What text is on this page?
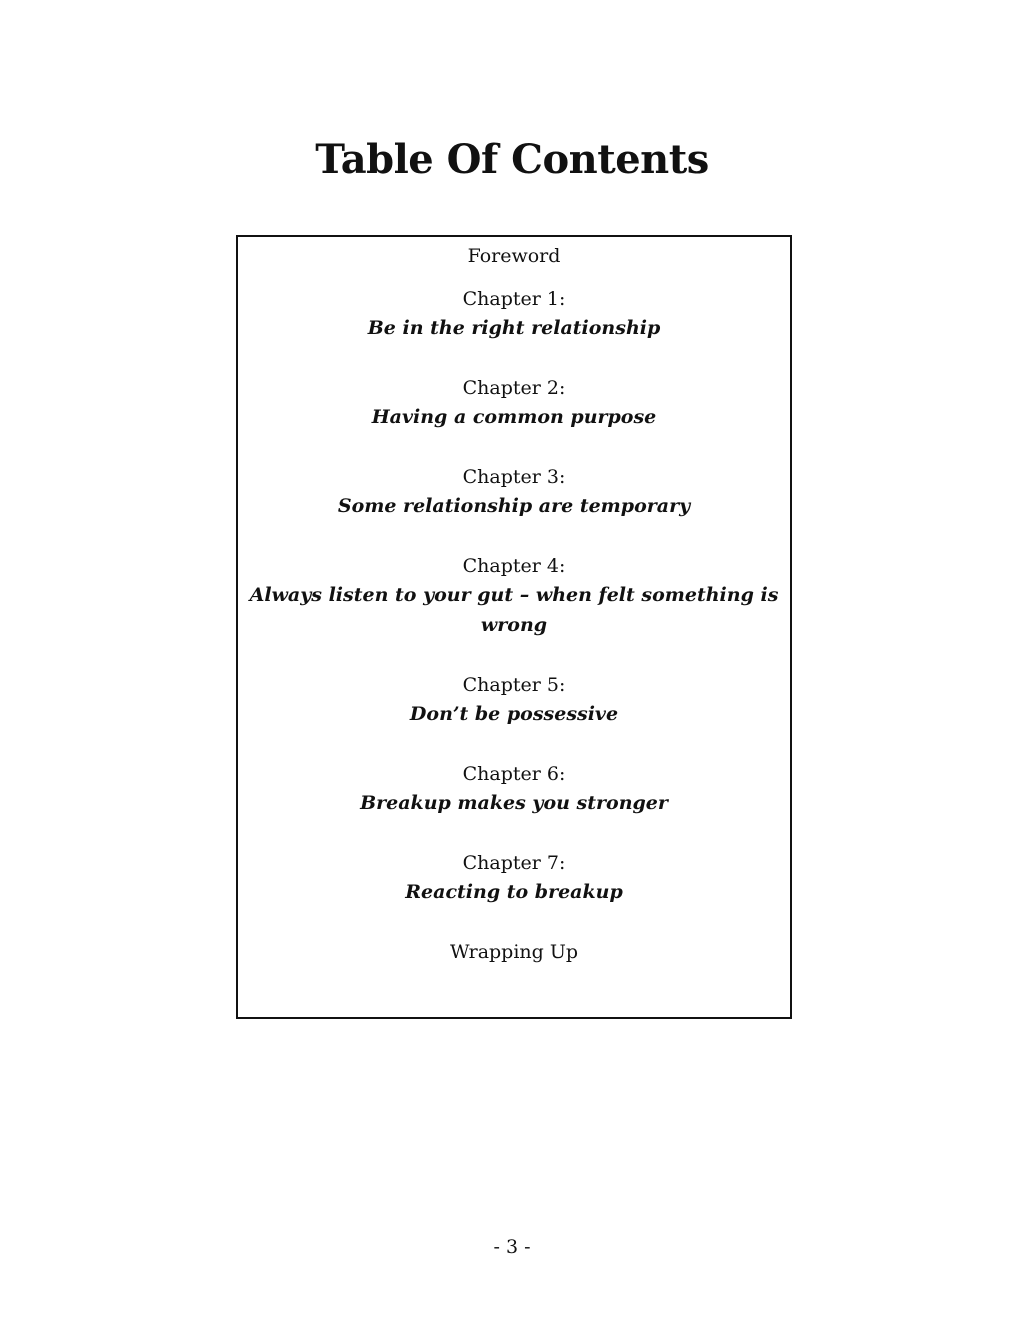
Table Of Contents
Foreword
Chapter 1:
Be in the right relationship
Chapter 2:
Having a common purpose
Chapter 3:
Some relationship are temporary
Chapter 4:
Always listen to your gut – when felt something is wrong
Chapter 5:
Don’t be possessive
Chapter 6:
Breakup makes you stronger
Chapter 7:
Reacting to breakup
Wrapping Up
- 3 -
